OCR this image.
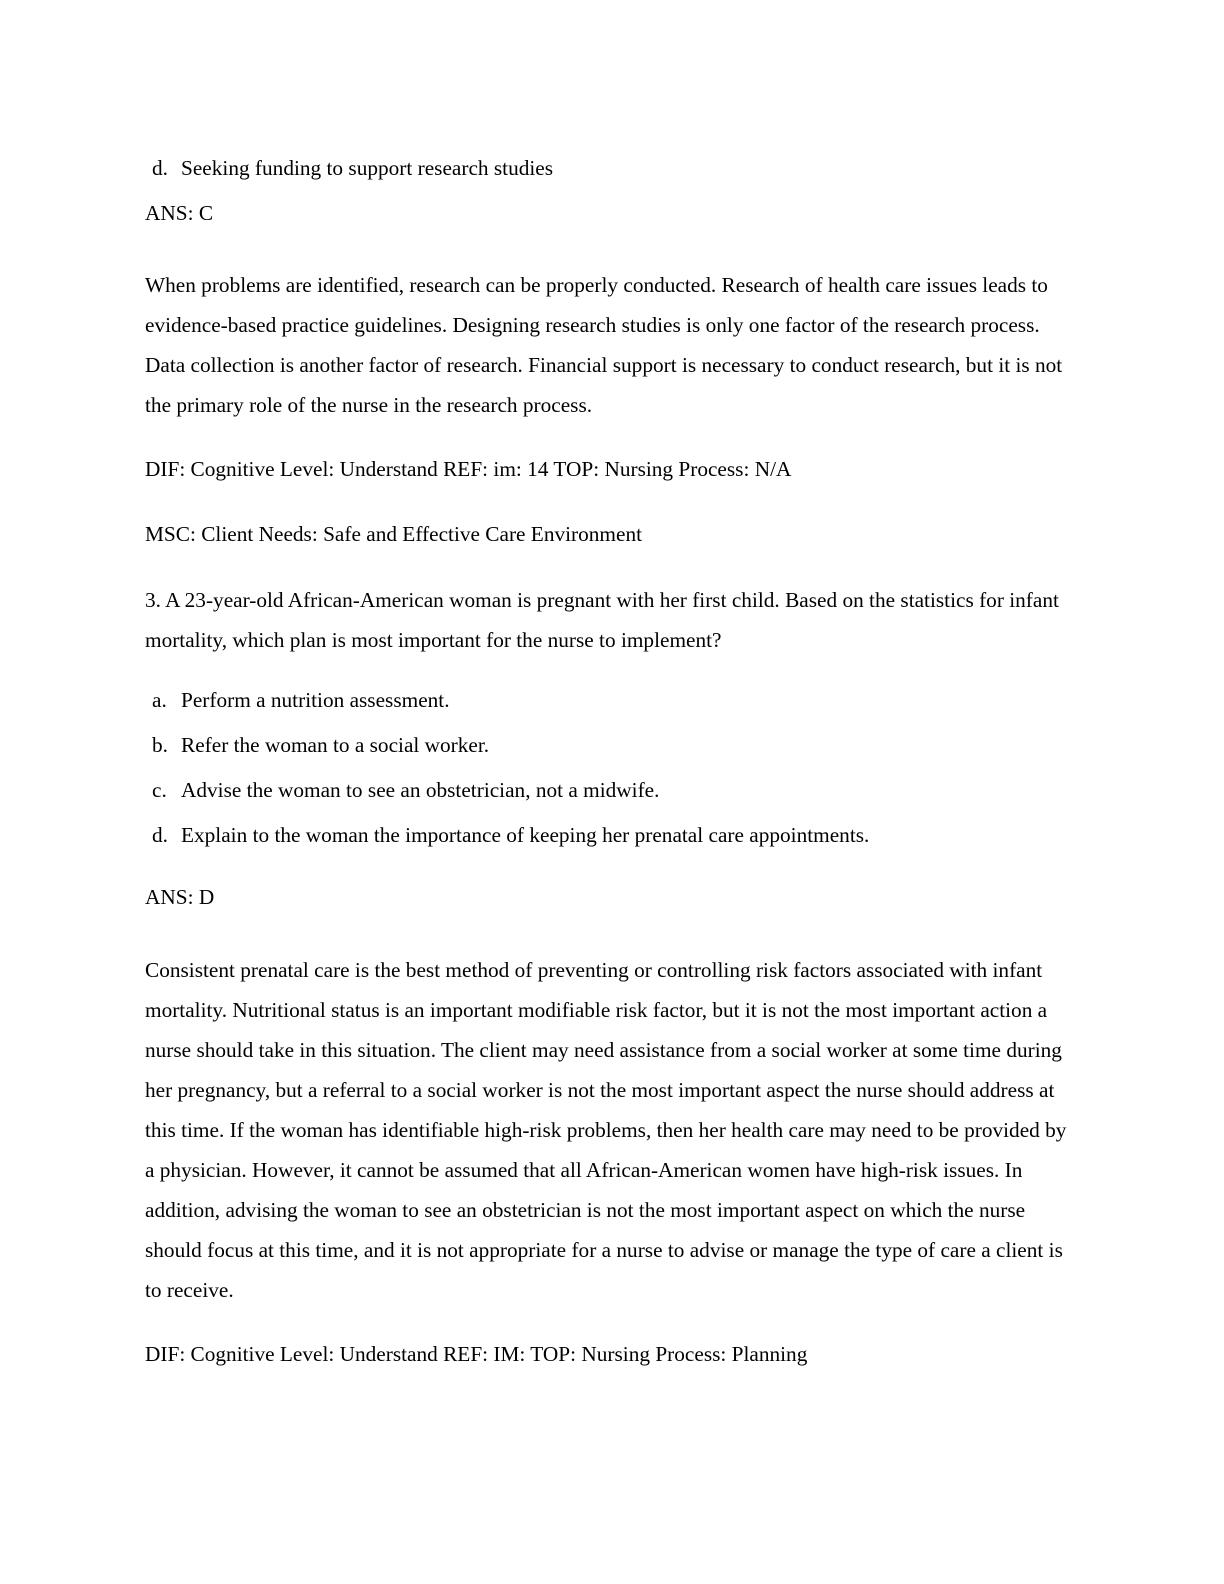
d. Seeking funding to support research studies

ANS: C

When problems are identified, research can be properly conducted. Research of health care issues leads to evidence-based practice guidelines. Designing research studies is only one factor of the research process. Data collection is another factor of research. Financial support is necessary to conduct research, but it is not the primary role of the nurse in the research process.

DIF: Cognitive Level: Understand REF: im: 14 TOP: Nursing Process: N/A

MSC: Client Needs: Safe and Effective Care Environment

3. A 23-year-old African-American woman is pregnant with her first child. Based on the statistics for infant mortality, which plan is most important for the nurse to implement?

a. Perform a nutrition assessment.
b. Refer the woman to a social worker.
c. Advise the woman to see an obstetrician, not a midwife.
d. Explain to the woman the importance of keeping her prenatal care appointments.

ANS: D

Consistent prenatal care is the best method of preventing or controlling risk factors associated with infant mortality. Nutritional status is an important modifiable risk factor, but it is not the most important action a nurse should take in this situation. The client may need assistance from a social worker at some time during her pregnancy, but a referral to a social worker is not the most important aspect the nurse should address at this time. If the woman has identifiable high-risk problems, then her health care may need to be provided by a physician. However, it cannot be assumed that all African-American women have high-risk issues. In addition, advising the woman to see an obstetrician is not the most important aspect on which the nurse should focus at this time, and it is not appropriate for a nurse to advise or manage the type of care a client is to receive.

DIF: Cognitive Level: Understand REF: IM: TOP: Nursing Process: Planning
